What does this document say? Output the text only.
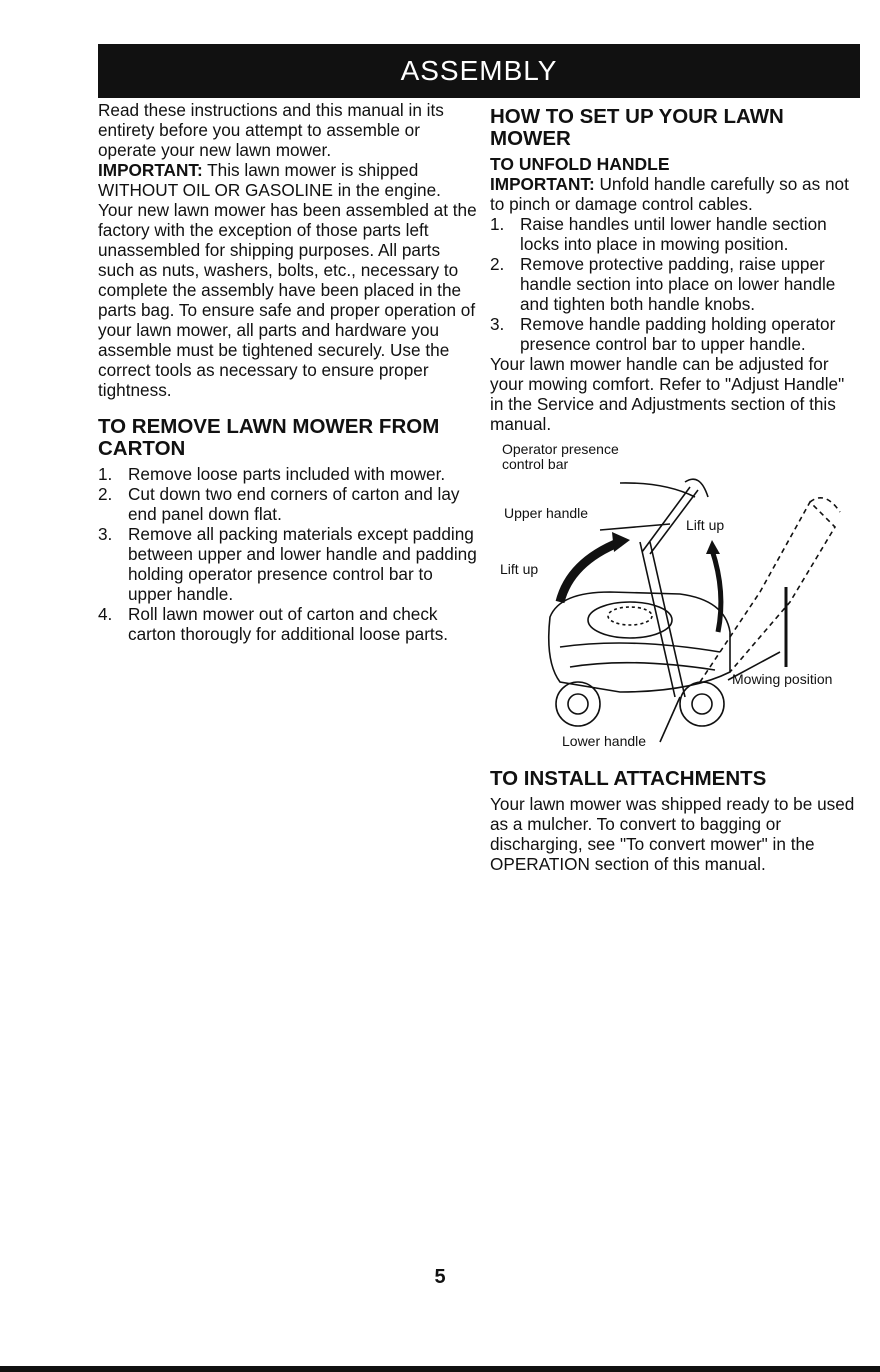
ASSEMBLY

Read these instructions and this manual in its entirety before you attempt to assemble or operate your new lawn mower.

IMPORTANT: This lawn mower is shipped WITHOUT OIL OR GASOLINE in the engine.

Your new lawn mower has been assembled at the factory with the exception of those parts left unassembled for shipping purposes. All parts such as nuts, washers, bolts, etc., necessary to complete the assembly have been placed in the parts bag. To ensure safe and proper operation of your lawn mower, all parts and hardware you assemble must be tightened securely. Use the correct tools as necessary to ensure proper tightness.

TO REMOVE LAWN MOWER FROM CARTON
1. Remove loose parts included with mower.
2. Cut down two end corners of carton and lay end panel down flat.
3. Remove all packing materials except padding between upper and lower handle and padding holding operator presence control bar to upper handle.
4. Roll lawn mower out of carton and check carton thorougly for additional loose parts.
HOW TO SET UP YOUR LAWN MOWER
TO UNFOLD HANDLE

IMPORTANT: Unfold handle carefully so as not to pinch or damage control cables.

1. Raise handles until lower handle section locks into place in mowing position.
2. Remove protective padding, raise upper handle section into place on lower handle and tighten both handle knobs.
3. Remove handle padding holding operator presence control bar to upper handle.

Your lawn mower handle can be adjusted for your mowing comfort. Refer to "Adjust Handle" in the Service and Adjustments section of this manual.

Operator presence
control bar
Upper handle
Lift up
Lift up
Mowing position
Lower handle
TO INSTALL ATTACHMENTS

Your lawn mower was shipped ready to be used as a mulcher. To convert to bagging or discharging, see "To convert mower" in the OPERATION section of this manual.

5
